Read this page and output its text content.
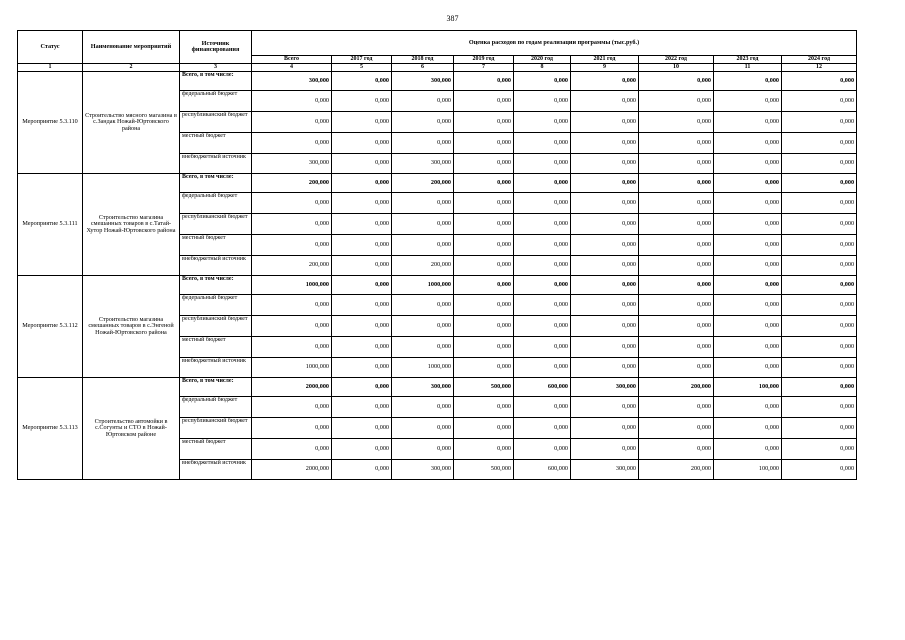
387
Статус	Наименование мероприятий	Источник финансирования	Оценка расходов по годам реализации программы (тыс.руб.)								
			Всего	2017 год	2018 год	2019 год	2020 год	2021 год	2022 год	2023 год	2024 год
1	2	3	4	5	6	7	8	9	10	11	12
Мероприятие 5.3.110	Строительство мясного магазина в с.Зандак Ножай-Юртовского района	Всего, в том числе:	300,000	0,000	300,000	0,000	0,000	0,000	0,000	0,000	0,000
		федеральный бюджет	0,000	0,000	0,000	0,000	0,000	0,000	0,000	0,000	0,000
		республиканский бюджет	0,000	0,000	0,000	0,000	0,000	0,000	0,000	0,000	0,000
		местный бюджет	0,000	0,000	0,000	0,000	0,000	0,000	0,000	0,000	0,000
		внебюджетный источник	300,000	0,000	300,000	0,000	0,000	0,000	0,000	0,000	0,000
Мероприятие 5.3.111	Строительство магазина смешанных товаров в с.Татай-Хутор Ножай-Юртовского района	Всего, в том числе:	200,000	0,000	200,000	0,000	0,000	0,000	0,000	0,000	0,000
		федеральный бюджет	0,000	0,000	0,000	0,000	0,000	0,000	0,000	0,000	0,000
		республиканский бюджет	0,000	0,000	0,000	0,000	0,000	0,000	0,000	0,000	0,000
		местный бюджет	0,000	0,000	0,000	0,000	0,000	0,000	0,000	0,000	0,000
		внебюджетный источник	200,000	0,000	200,000	0,000	0,000	0,000	0,000	0,000	0,000
Мероприятие 5.3.112	Строительство магазина смешанных товаров в с.Энгеной Ножай-Юртовского района	Всего, в том числе:	1000,000	0,000	1000,000	0,000	0,000	0,000	0,000	0,000	0,000
		федеральный бюджет	0,000	0,000	0,000	0,000	0,000	0,000	0,000	0,000	0,000
		республиканский бюджет	0,000	0,000	0,000	0,000	0,000	0,000	0,000	0,000	0,000
		местный бюджет	0,000	0,000	0,000	0,000	0,000	0,000	0,000	0,000	0,000
		внебюджетный источник	1000,000	0,000	1000,000	0,000	0,000	0,000	0,000	0,000	0,000
Мероприятие 5.3.113	Строительство автомойки в с.Согунты и СТО в Ножай-Юртовском районе	Всего, в том числе:	2000,000	0,000	300,000	500,000	600,000	300,000	200,000	100,000	0,000
		федеральный бюджет	0,000	0,000	0,000	0,000	0,000	0,000	0,000	0,000	0,000
		республиканский бюджет	0,000	0,000	0,000	0,000	0,000	0,000	0,000	0,000	0,000
		местный бюджет	0,000	0,000	0,000	0,000	0,000	0,000	0,000	0,000	0,000
		внебюджетный источник	2000,000	0,000	300,000	500,000	600,000	300,000	200,000	100,000	0,000
